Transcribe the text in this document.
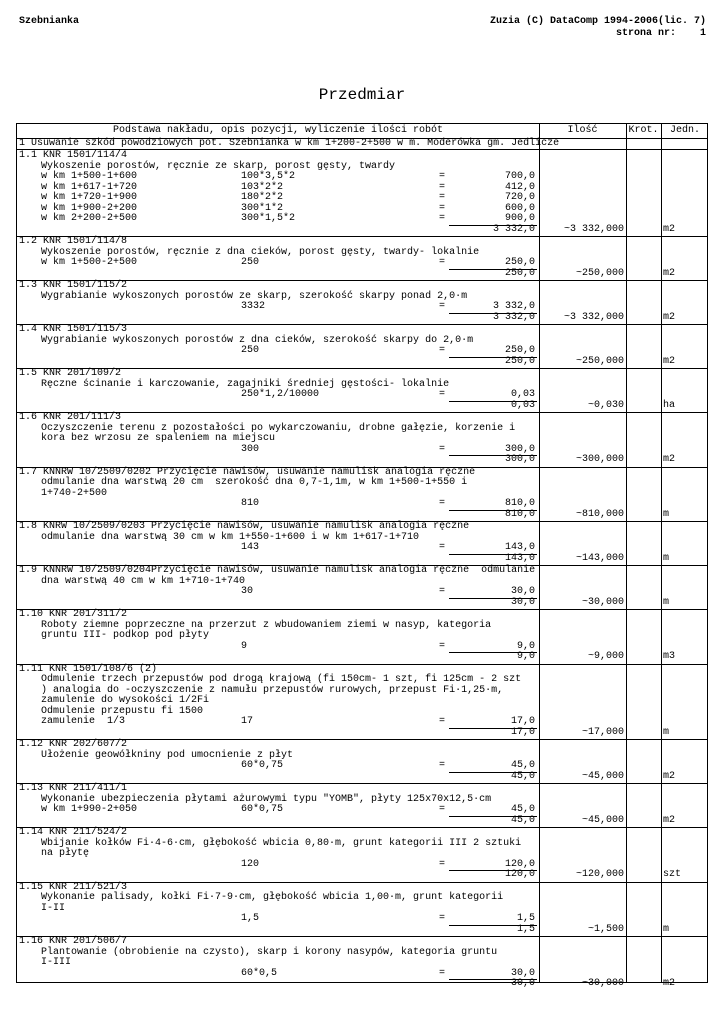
Szebnianka	Zuzia (C) DataComp 1994-2006(lic. 7)
strona nr:    1
Przedmiar
Podstawa nakładu, opis pozycji, wyliczenie ilości robót	Ilość	Krot.	Jedn.
1 Usuwanie szkód powodziowych pot. Szebnianka w km 1+200-2+500 w m. Moderówka gm. Jedlicze
1.1 KNR 1501/114/4
Wykoszenie porostów, ręcznie ze skarp, porost gęsty, twardy
w km 1+500-1+600	100*3,5*2	=	700,0
w km 1+617-1+720	103*2*2	=	412,0
w km 1+720-1+900	180*2*2	=	720,0
w km 1+900-2+200	300*1*2	=	600,0
w km 2+200-2+500	300*1,5*2	=	900,0
3 332,0	~3 332,000	m2
1.2 KNR 1501/114/8
Wykoszenie porostów, ręcznie z dna cieków, porost gęsty, twardy- lokalnie
w km 1+500-2+500	250	=	250,0
250,0	~250,000	m2
1.3 KNR 1501/115/2
Wygrabianie wykoszonych porostów ze skarp, szerokość skarpy ponad 2,0·m
3332	=	3 332,0
3 332,0	~3 332,000	m2
1.4 KNR 1501/115/3
Wygrabianie wykoszonych porostów z dna cieków, szerokość skarpy do 2,0·m
250	=	250,0
250,0	~250,000	m2
1.5 KNR 201/109/2
Ręczne ścinanie i karczowanie, zagajniki średniej gęstości- lokalnie
250*1,2/10000	=	0,03
0,03	~0,030	ha
1.6 KNR 201/111/3
Oczyszczenie terenu z pozostałości po wykarczowaniu, drobne gałęzie, korzenie i
kora bez wrzosu ze spaleniem na miejscu
300	=	300,0
300,0	~300,000	m2
1.7 KNNRW 10/2509/0202 Przycięcie nawisów, usuwanie namulisk analogia ręczne
odmulanie dna warstwą 20 cm  szerokość dna 0,7-1,1m, w km 1+500-1+550 i
1+740-2+500
810	=	810,0
810,0	~810,000	m
1.8 KNRW 10/2509/0203 Przycięcie nawisów, usuwanie namulisk analogia ręczne
odmulanie dna warstwą 30 cm w km 1+550-1+600 i w km 1+617-1+710
143	=	143,0
143,0	~143,000	m
1.9 KNNRW 10/2509/0204Przycięcie nawisów, usuwanie namulisk analogia ręczne  odmulanie
dna warstwą 40 cm w km 1+710-1+740
30	=	30,0
30,0	~30,000	m
1.10 KNR 201/311/2
Roboty ziemne poprzeczne na przerzut z wbudowaniem ziemi w nasyp, kategoria
gruntu III- podkop pod płyty
9	=	9,0
9,0	~9,000	m3
1.11 KNR 1501/108/6 (2)
Odmulenie trzech przepustów pod drogą krajową (fi 150cm- 1 szt, fi 125cm - 2 szt
) analogia do -oczyszczenie z namułu przepustów rurowych, przepust Fi·1,25·m,
zamulenie do wysokości 1/2Fi
Odmulenie przepustu fi 1500
zamulenie  1/3	17	=	17,0
17,0	~17,000	m
1.12 KNR 202/607/2
Ułożenie geowółkniny pod umocnienie z płyt
60*0,75	=	45,0
45,0	~45,000	m2
1.13 KNR 211/411/1
Wykonanie ubezpieczenia płytami ażurowymi typu "YOMB", płyty 125x70x12,5·cm
w km 1+990-2+050	60*0,75	=	45,0
45,0	~45,000	m2
1.14 KNR 211/524/2
Wbijanie kołków Fi·4-6·cm, głębokość wbicia 0,80·m, grunt kategorii III 2 sztuki
na płytę
120	=	120,0
120,0	~120,000	szt
1.15 KNR 211/521/3
Wykonanie palisady, kołki Fi·7-9·cm, głębokość wbicia 1,00·m, grunt kategorii
I-II
1,5	=	1,5
1,5	~1,500	m
1.16 KNR 201/506/7
Plantowanie (obrobienie na czysto), skarp i korony nasypów, kategoria gruntu
I-III
60*0,5	=	30,0
30,0	~30,000	m2
